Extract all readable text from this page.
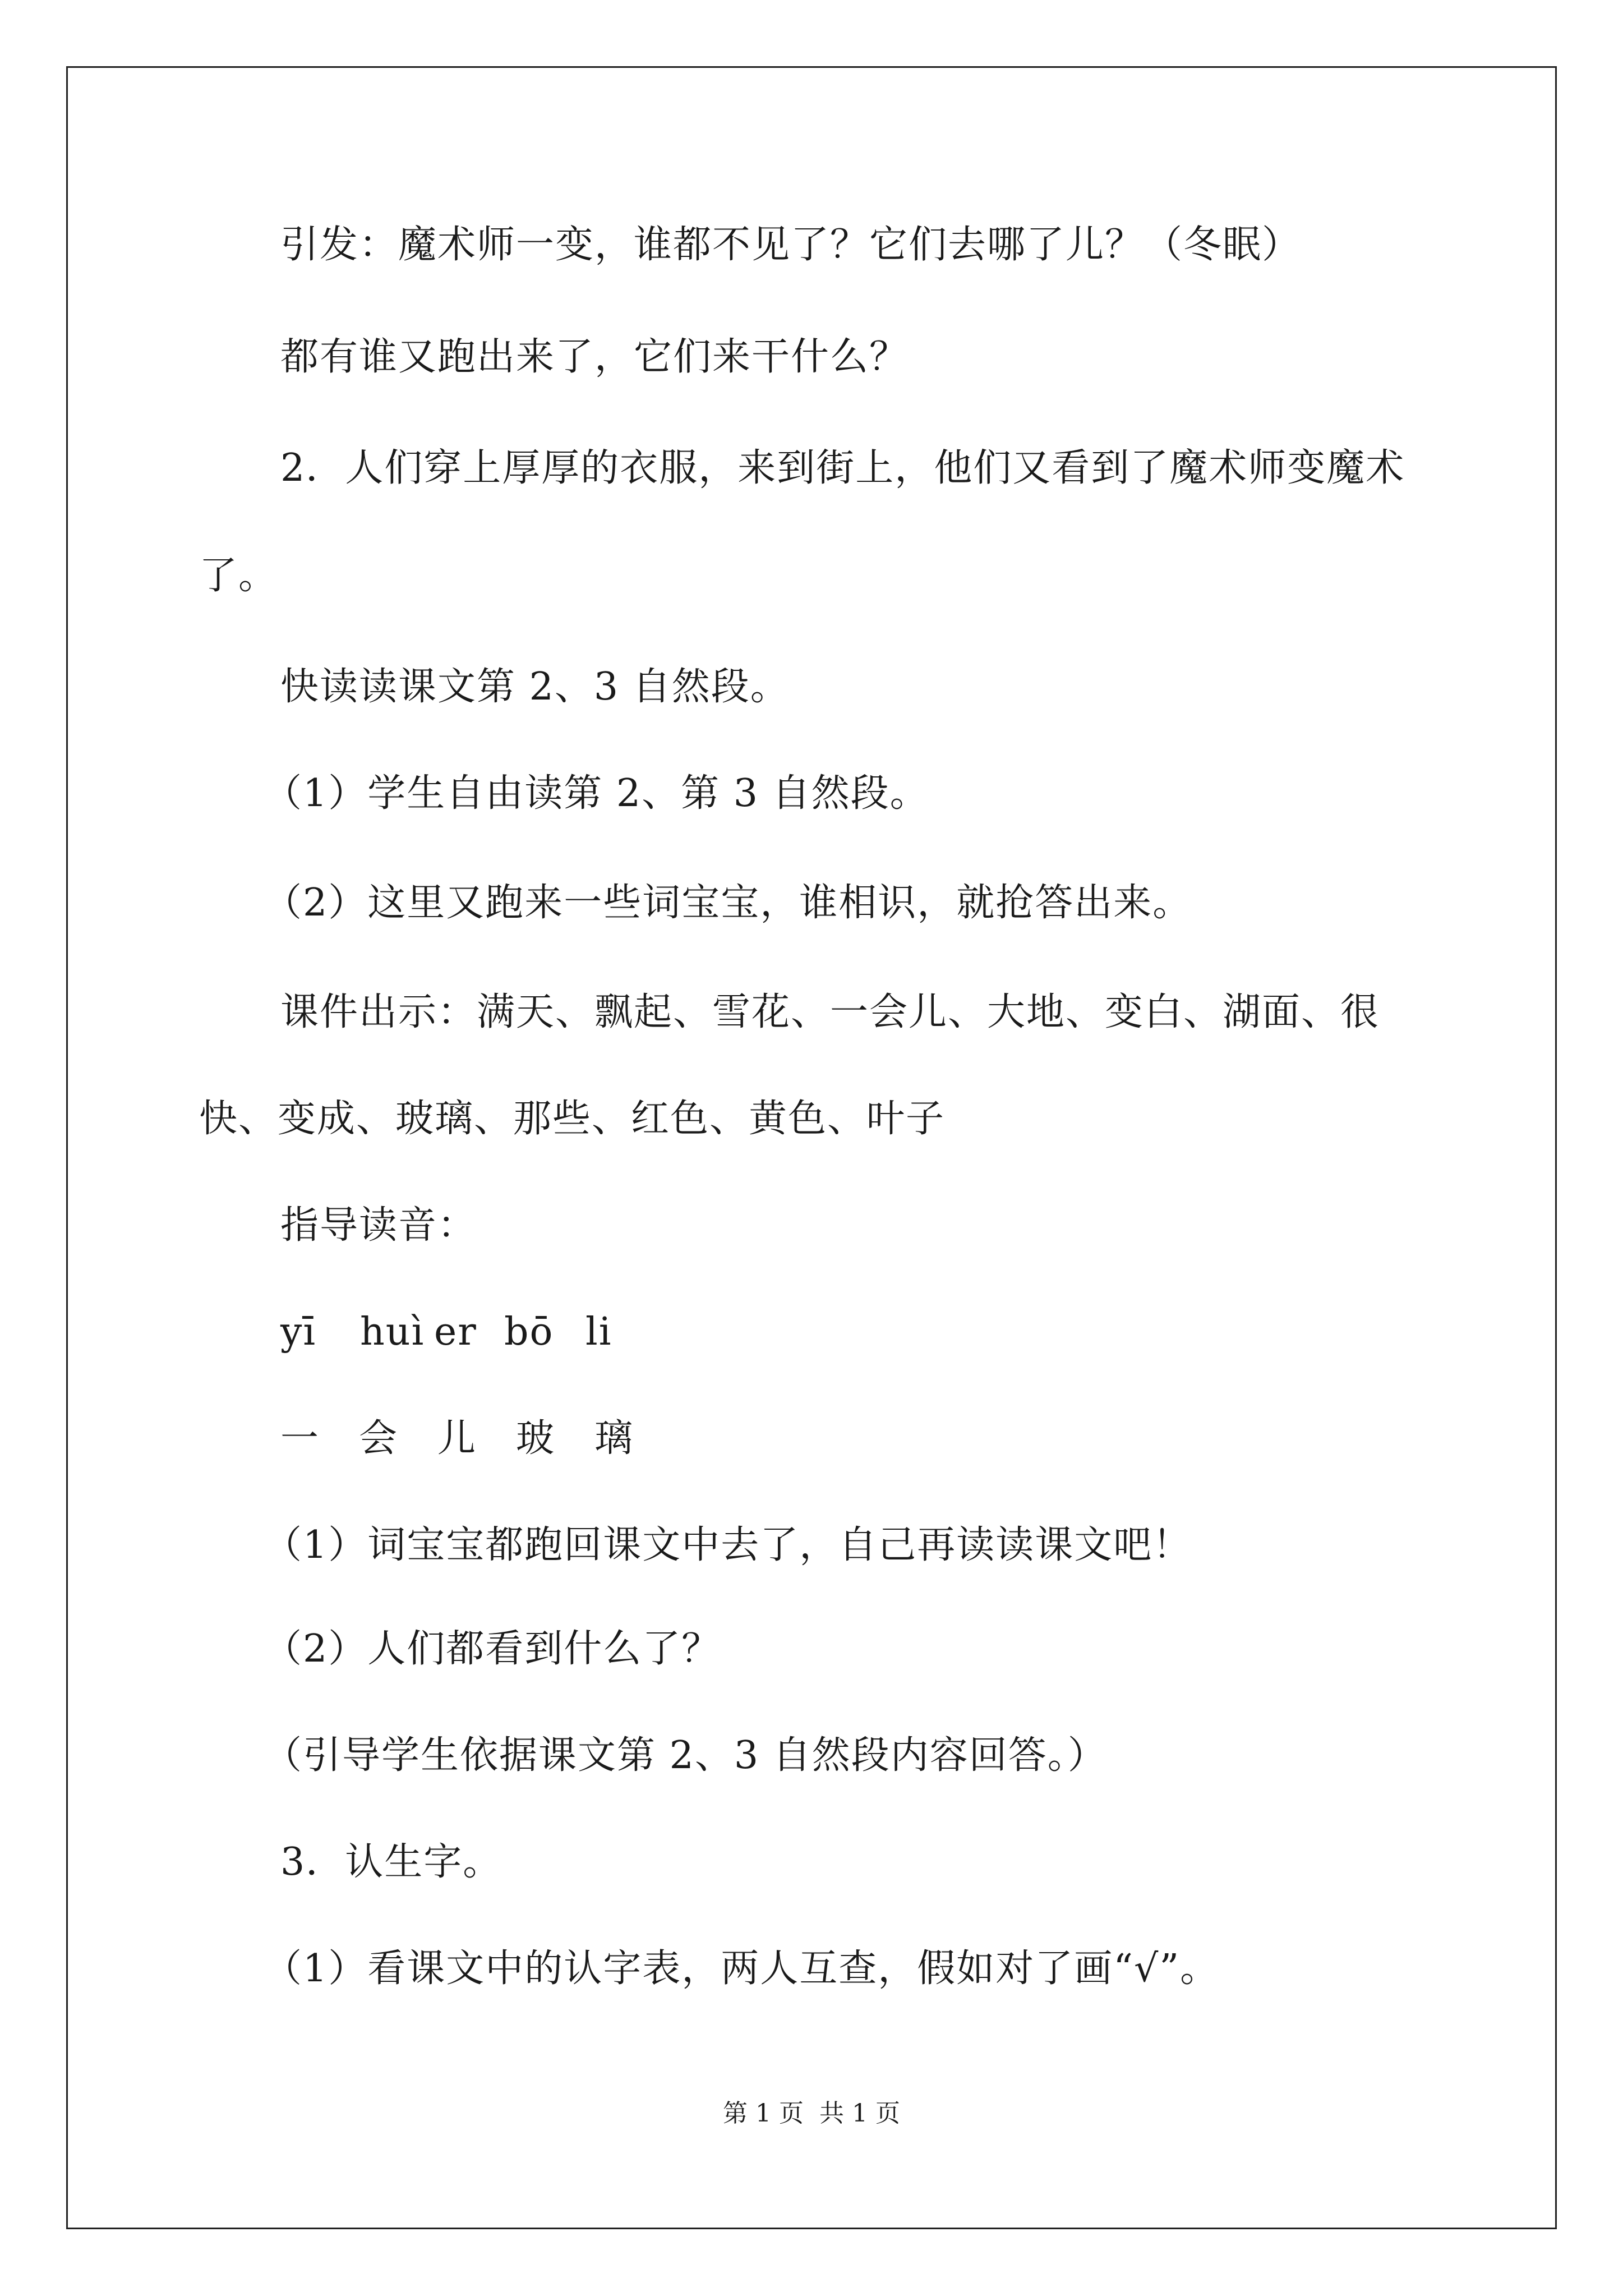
引发：魔术师一变，谁都不见了？它们去哪了儿？（冬眠）
都有谁又跑出来了，它们来干什么？
2．人们穿上厚厚的衣服，来到街上，他们又看到了魔术师变魔术
了。
快读读课文第 2、3 自然段。
（1）学生自由读第 2、第 3 自然段。
（2）这里又跑来一些词宝宝，谁相识，就抢答出来。
课件出示：满天、飘起、雪花、一会儿、大地、变白、湖面、很
快、变成、玻璃、那些、红色、黄色、叶子
指导读音：
yī huì er bō li
一 会 儿 玻 璃
（1）词宝宝都跑回课文中去了，自己再读读课文吧！
（2）人们都看到什么了？
（引导学生依据课文第 2、3 自然段内容回答。）
3．认生字。
（1）看课文中的认字表，两人互查，假如对了画“√”。
第 1 页 共 1 页
